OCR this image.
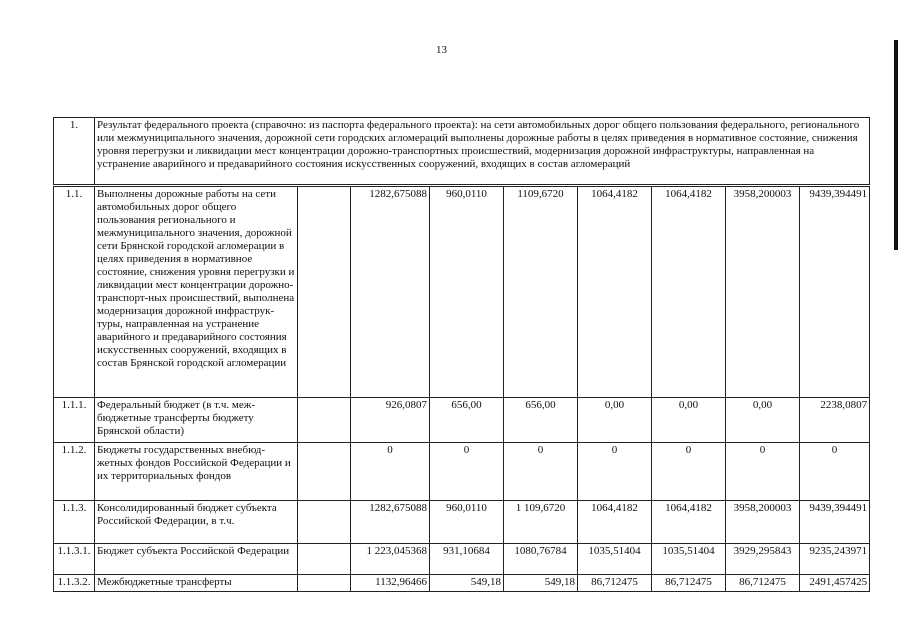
13
1.	Результат федерального проекта (справочно: из паспорта федерального проекта): на сети автомобильных дорог общего пользования федерального, регионального или межмуниципального значения, дорожной сети городских агломераций выполнены дорожные работы в целях приведения в нормативное состояние, снижения уровня перегрузки и ликвидации мест концентрации дорожно-транспортных происшествий, модернизация дорожной инфраструктуры, направленная на устранение аварийного и предаварийного состояния искусственных сооружений, входящих в состав агломераций								
1.1.	Выполнены дорожные работы на сети автомобильных дорог общего пользования регионального и межмуниципального значения, дорожной сети Брянской городской агломерации в целях приведения в нормативное состояние, снижения уровня перегрузки и ликвидации мест концентрации дорожно-транспорт-ных происшествий, выполнена модернизация дорожной инфраструк-туры, направленная на устранение аварийного и предаварийного состояния искусственных сооружений, входящих в состав Брянской городской агломерации		1282,675088	960,0110	1109,6720	1064,4182	1064,4182	3958,200003	9439,394491
1.1.1.	Федеральный бюджет (в т.ч. меж-бюджетные трансферты бюджету Брянской области)		926,0807	656,00	656,00	0,00	0,00	0,00	2238,0807
1.1.2.	Бюджеты государственных внебюд-жетных фондов Российской Федерации и их территориальных фондов		0	0	0	0	0	0	0
1.1.3.	Консолидированный бюджет субъекта Российской Федерации, в т.ч.		1282,675088	960,0110	1 109,6720	1064,4182	1064,4182	3958,200003	9439,394491
1.1.3.1.	Бюджет субъекта Российской Федерации		1 223,045368	931,10684	1080,76784	1035,51404	1035,51404	3929,295843	9235,243971
1.1.3.2.	Межбюджетные трансферты		1132,96466	549,18	549,18	86,712475	86,712475	86,712475	2491,457425
